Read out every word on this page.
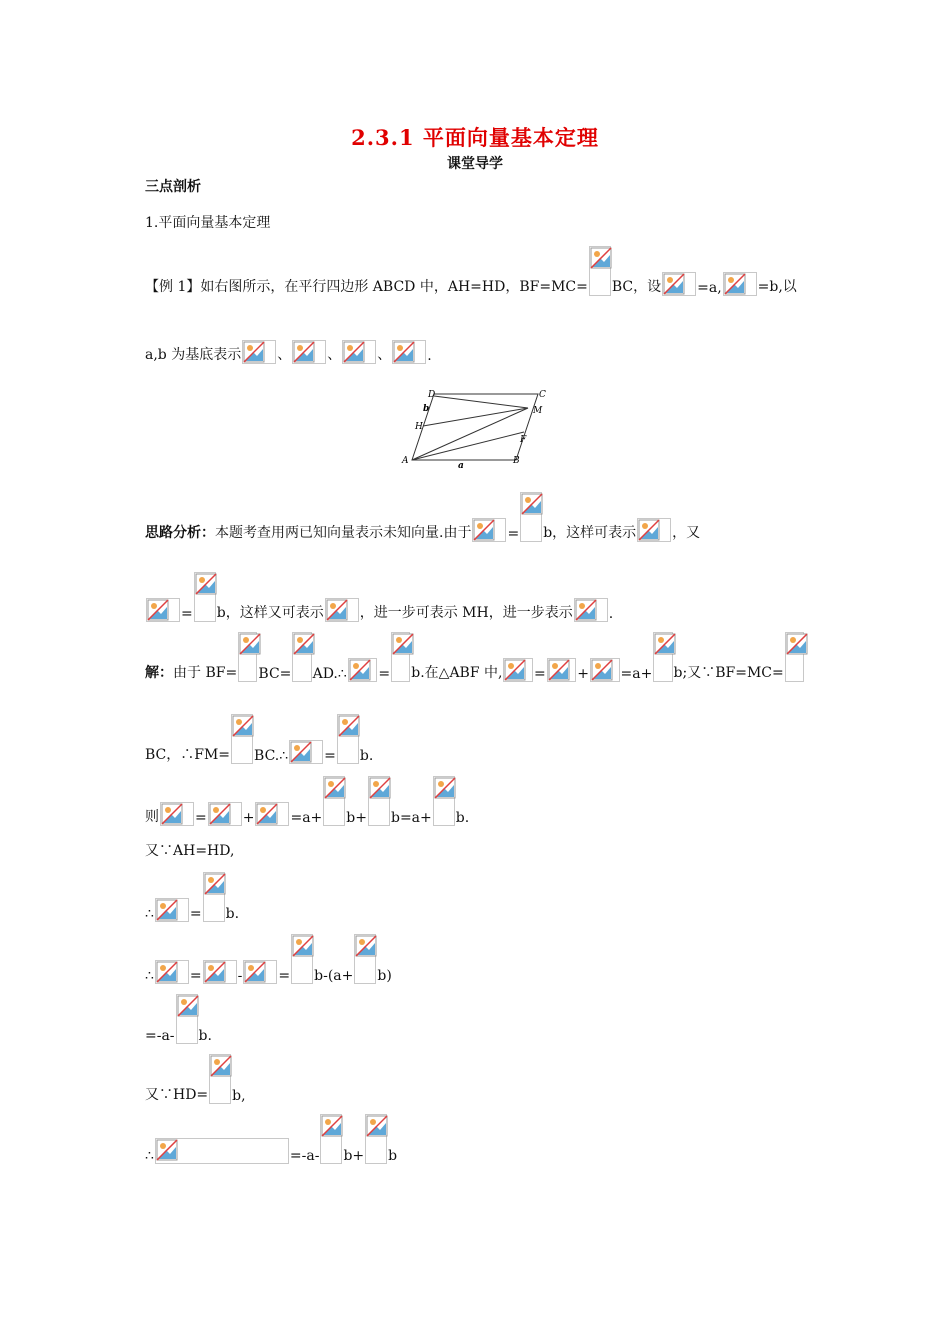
2.3.1 平面向量基本定理
课堂导学
三点剖析
1.平面向量基本定理
【例 1】 如右图所示，在平行四边形 ABCD 中，AH=HD，BF=MC= BC，设	=a,	=b,以
a,b 为基底表示	、	、	、	.
D	C
b	M
H
F
A	a	B
思路分析： 本题考查用两已知向量表示未知向量.由于	= b，这样可表示	，又
= b，这样又可表示	，进一步可表示 MH，进一步表示	.
解： 由于 BF= BC= AD.∴ = b.在△ABF 中, = + =a+ b;又∵BF=MC=
BC，∴FM= BC.∴	= b.
则	=	+	=a+ b+ b=a+ b.
又∵AH=HD,
∴	= b.
∴	=	-	= b-(a+ b)
=-a- b.
又∵HD= b,
∴	=-a- b+ b
